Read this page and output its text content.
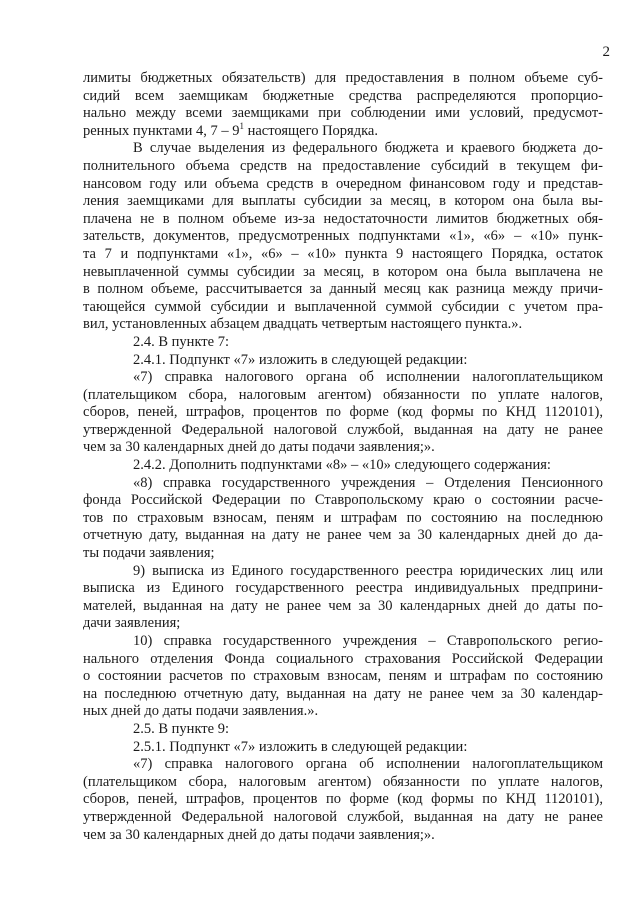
2
лимиты бюджетных обязательств) для предоставления в полном объеме суб-
сидий всем заемщикам бюджетные средства распределяются пропорцио-
нально между всеми заемщиками при соблюдении ими условий, предусмот-
ренных пунктами 4, $7 - 9^1$ настоящего Порядка.
В случае выделения из федерального бюджета и краевого бюджета до-
полнительного объема средств на предоставление субсидий в текущем фи-
нансовом году или объема средств в очередном финансовом году и представ-
ления заемщиками для выплаты субсидии за месяц, в котором она была вы-
плачена не в полном объеме из-за недостаточности лимитов бюджетных обя-
зательств, документов, предусмотренных подпунктами «1», «6» – «10» пунк-
та 7 и подпунктами «1», «6» – «10» пункта 9 настоящего Порядка, остаток
невыплаченной суммы субсидии за месяц, в котором она была выплачена не
в полном объеме, рассчитывается за данный месяц как разница между причи-
тающейся суммой субсидии и выплаченной суммой субсидии с учетом пра-
вил, установленных абзацем двадцать четвертым настоящего пункта.».
2.4. В пункте 7:
2.4.1. Подпункт «7» изложить в следующей редакции:
«7) справка налогового органа об исполнении налогоплательщиком
(плательщиком сбора, налоговым агентом) обязанности по уплате налогов,
сборов, пеней, штрафов, процентов по форме (код формы по КНД 1120101),
утвержденной Федеральной налоговой службой, выданная на дату не ранее
чем за 30 календарных дней до даты подачи заявления;».
2.4.2. Дополнить подпунктами «8» – «10» следующего содержания:
«8) справка государственного учреждения – Отделения Пенсионного
фонда Российской Федерации по Ставропольскому краю о состоянии расче-
тов по страховым взносам, пеням и штрафам по состоянию на последнюю
отчетную дату, выданная на дату не ранее чем за 30 календарных дней до да-
ты подачи заявления;
9) выписка из Единого государственного реестра юридических лиц или
выписка из Единого государственного реестра индивидуальных предприни-
мателей, выданная на дату не ранее чем за 30 календарных дней до даты по-
дачи заявления;
10) справка государственного учреждения – Ставропольского регио-
нального отделения Фонда социального страхования Российской Федерации
о состоянии расчетов по страховым взносам, пеням и штрафам по состоянию
на последнюю отчетную дату, выданная на дату не ранее чем за 30 календар-
ных дней до даты подачи заявления.».
2.5. В пункте 9:
2.5.1. Подпункт «7» изложить в следующей редакции:
«7) справка налогового органа об исполнении налогоплательщиком
(плательщиком сбора, налоговым агентом) обязанности по уплате налогов,
сборов, пеней, штрафов, процентов по форме (код формы по КНД 1120101),
утвержденной Федеральной налоговой службой, выданная на дату не ранее
чем за 30 календарных дней до даты подачи заявления;».
